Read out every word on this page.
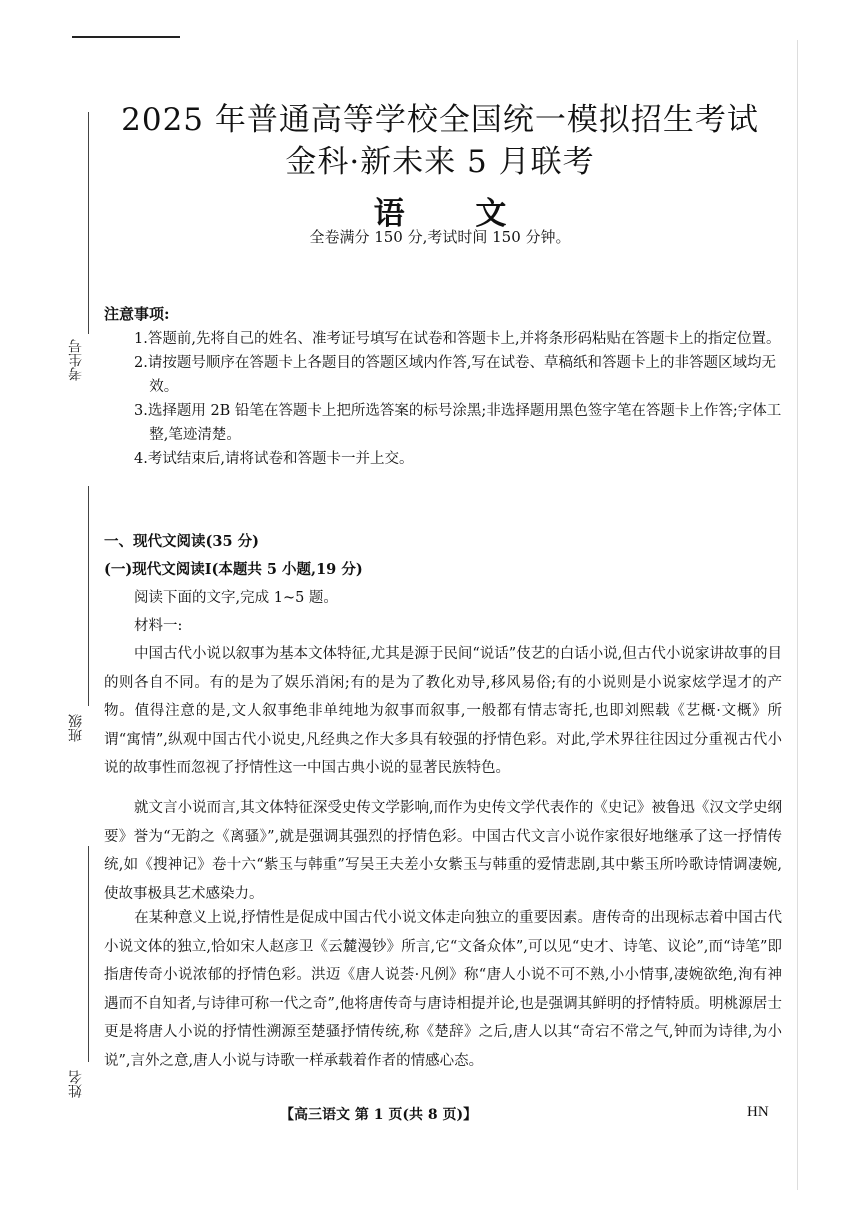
考生号
班级
姓名
2025 年普通高等学校全国统一模拟招生考试
金科·新未来 5 月联考
语 文
全卷满分 150 分,考试时间 150 分钟。
注意事项:
1.答题前,先将自己的姓名、准考证号填写在试卷和答题卡上,并将条形码粘贴在答题卡上的指定位置。
2.请按题号顺序在答题卡上各题目的答题区域内作答,写在试卷、草稿纸和答题卡上的非答题区域均无效。
3.选择题用 2B 铅笔在答题卡上把所选答案的标号涂黑;非选择题用黑色签字笔在答题卡上作答;字体工整,笔迹清楚。
4.考试结束后,请将试卷和答题卡一并上交。
一、现代文阅读(35 分)
(一)现代文阅读Ⅰ(本题共 5 小题,19 分)
阅读下面的文字,完成 1~5 题。
材料一:
中国古代小说以叙事为基本文体特征,尤其是源于民间“说话”伎艺的白话小说,但古代小说家讲故事的目的则各自不同。有的是为了娱乐消闲;有的是为了教化劝导,移风易俗;有的小说则是小说家炫学逞才的产物。值得注意的是,文人叙事绝非单纯地为叙事而叙事,一般都有情志寄托,也即刘熙载《艺概·文概》所谓“寓情”,纵观中国古代小说史,凡经典之作大多具有较强的抒情色彩。对此,学术界往往因过分重视古代小说的故事性而忽视了抒情性这一中国古典小说的显著民族特色。
就文言小说而言,其文体特征深受史传文学影响,而作为史传文学代表作的《史记》被鲁迅《汉文学史纲要》誉为“无韵之《离骚》”,就是强调其强烈的抒情色彩。中国古代文言小说作家很好地继承了这一抒情传统,如《搜神记》卷十六“紫玉与韩重”写吴王夫差小女紫玉与韩重的爱情悲剧,其中紫玉所吟歌诗情调凄婉,使故事极具艺术感染力。
在某种意义上说,抒情性是促成中国古代小说文体走向独立的重要因素。唐传奇的出现标志着中国古代小说文体的独立,恰如宋人赵彦卫《云麓漫钞》所言,它“文备众体”,可以见“史才、诗笔、议论”,而“诗笔”即指唐传奇小说浓郁的抒情色彩。洪迈《唐人说荟·凡例》称“唐人小说不可不熟,小小情事,凄婉欲绝,洵有神遇而不自知者,与诗律可称一代之奇”,他将唐传奇与唐诗相提并论,也是强调其鲜明的抒情特质。明桃源居士更是将唐人小说的抒情性溯源至楚骚抒情传统,称《楚辞》之后,唐人以其“奇宕不常之气,钟而为诗律,为小说”,言外之意,唐人小说与诗歌一样承载着作者的情感心态。
【高三语文 第 1 页(共 8 页)】	HN
